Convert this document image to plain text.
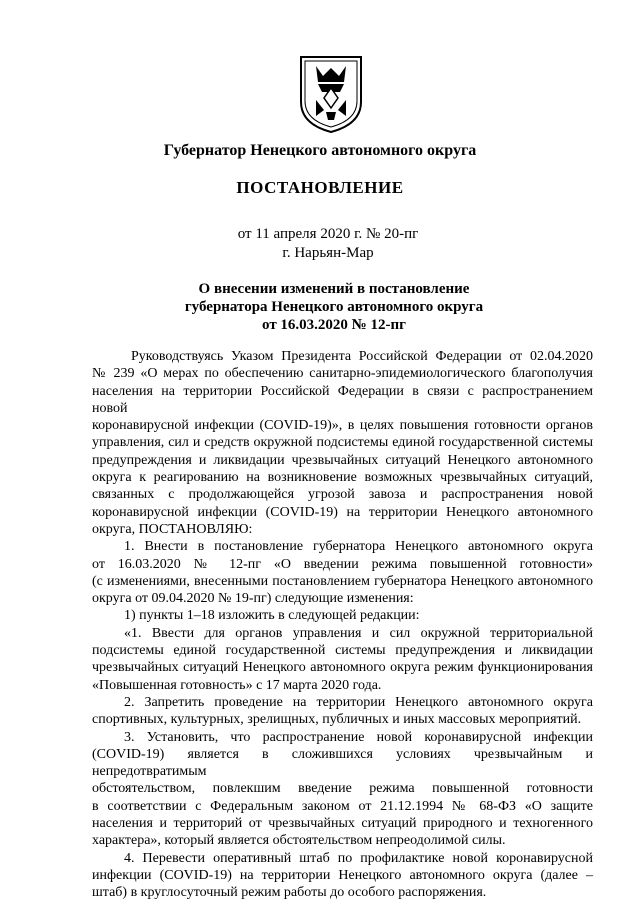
Губернатор Ненецкого автономного округа
ПОСТАНОВЛЕНИЕ
от 11 апреля 2020 г. № 20-пг
г. Нарьян-Мар
О внесении изменений в постановление
губернатора Ненецкого автономного округа
от 16.03.2020 № 12-пг

Руководствуясь Указом Президента Российской Федерации от 02.04.2020

№ 239 «О мерах по обеспечению санитарно-эпидемиологического благополучия

населения на территории Российской Федерации в связи с распространением новой

коронавирусной инфекции (COVID-19)», в целях повышения готовности органов

управления, сил и средств окружной подсистемы единой государственной системы

предупреждения и ликвидации чрезвычайных ситуаций Ненецкого автономного

округа к реагированию на возникновение возможных чрезвычайных ситуаций,

связанных с продолжающейся угрозой завоза и распространения новой

коронавирусной инфекции (COVID-19) на территории Ненецкого автономного

округа, ПОСТАНОВЛЯЮ:

1. Внести в постановление губернатора Ненецкого автономного округа

от 16.03.2020 № 12-пг «О введении режима повышенной готовности»

(с изменениями, внесенными постановлением губернатора Ненецкого автономного

округа от 09.04.2020 № 19-пг) следующие изменения:

1) пункты 1–18 изложить в следующей редакции:

«1. Ввести для органов управления и сил окружной территориальной

подсистемы единой государственной системы предупреждения и ликвидации

чрезвычайных ситуаций Ненецкого автономного округа режим функционирования

«Повышенная готовность» с 17 марта 2020 года.

2. Запретить проведение на территории Ненецкого автономного округа

спортивных, культурных, зрелищных, публичных и иных массовых мероприятий.

3. Установить, что распространение новой коронавирусной инфекции

(COVID-19) является в сложившихся условиях чрезвычайным и непредотвратимым

обстоятельством, повлекшим введение режима повышенной готовности

в соответствии с Федеральным законом от 21.12.1994 № 68-ФЗ «О защите

населения и территорий от чрезвычайных ситуаций природного и техногенного

характера», который является обстоятельством непреодолимой силы.

4. Перевести оперативный штаб по профилактике новой коронавирусной

инфекции (COVID-19) на территории Ненецкого автономного округа (далее –

штаб) в круглосуточный режим работы до особого распоряжения.
